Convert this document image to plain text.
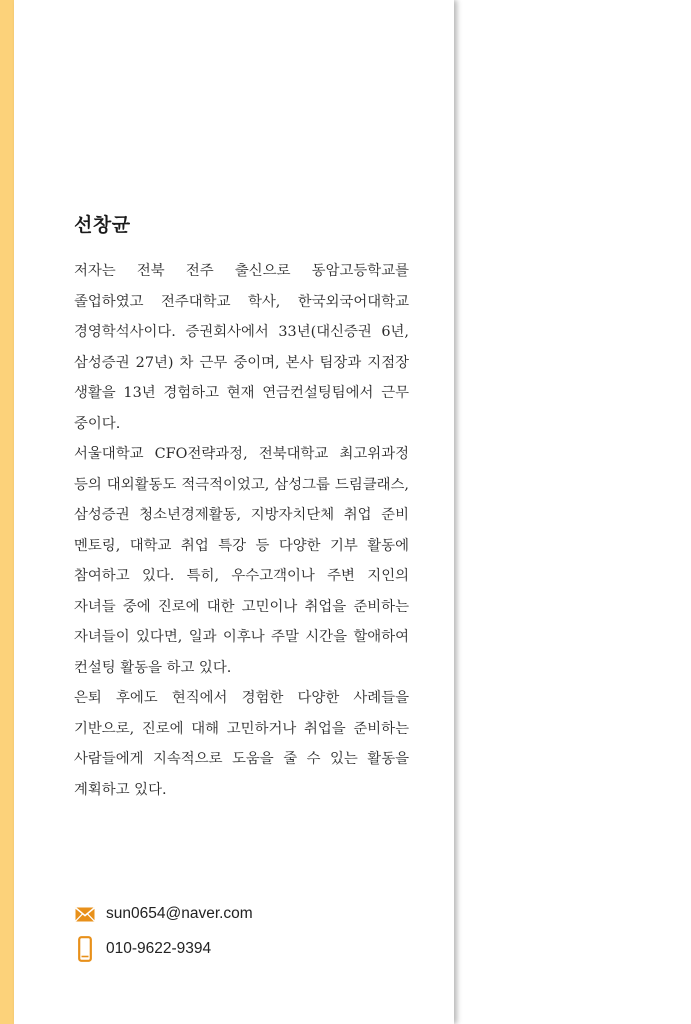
선창균

저자는 전북 전주 출신으로 동암고등학교를 졸업하였고 전주대학교 학사, 한국외국어대학교 경영학석사이다. 증권회사에서 33년(대신증권 6년, 삼성증권 27년) 차 근무 중이며, 본사 팀장과 지점장 생활을 13년 경험하고 현재 연금컨설팅팀에서 근무 중이다.

서울대학교 CFO전략과정, 전북대학교 최고위과정 등의 대외활동도 적극적이었고, 삼성그룹 드림클래스, 삼성증권 청소년경제활동, 지방자치단체 취업 준비 멘토링, 대학교 취업 특강 등 다양한 기부 활동에 참여하고 있다. 특히, 우수고객이나 주변 지인의 자녀들 중에 진로에 대한 고민이나 취업을 준비하는 자녀들이 있다면, 일과 이후나 주말 시간을 할애하여 컨설팅 활동을 하고 있다.

은퇴 후에도 현직에서 경험한 다양한 사례들을 기반으로, 진로에 대해 고민하거나 취업을 준비하는 사람들에게 지속적으로 도움을 줄 수 있는 활동을 계획하고 있다.

sun0654@naver.com
010-9622-9394
